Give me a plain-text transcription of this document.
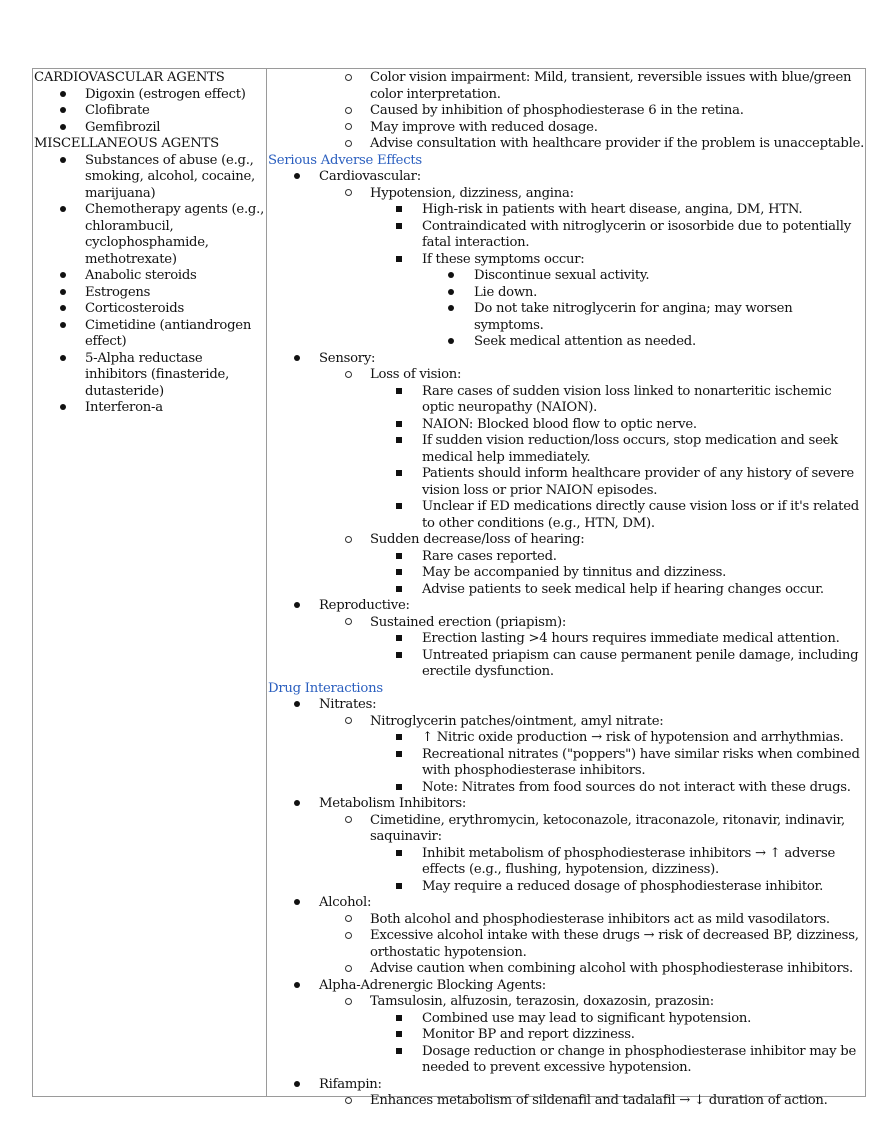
CARDIOVASCULAR AGENTS

Digoxin (estrogen effect)
Clofibrate
Gemfibrozil

MISCELLANEOUS AGENTS

Substances of abuse (e.g., smoking, alcohol, cocaine, marijuana)
Chemotherapy agents (e.g., chlorambucil, cyclophosphamide, methotrexate)
Anabolic steroids
Estrogens
Corticosteroids
Cimetidine (antiandrogen effect)
5-Alpha reductase inhibitors (finasteride, dutasteride)
Interferon-a
Color vision impairment: Mild, transient, reversible issues with blue/green color interpretation.
Caused by inhibition of phosphodiesterase 6 in the retina.
May improve with reduced dosage.
Advise consultation with healthcare provider if the problem is unacceptable.

Serious Adverse Effects

Cardiovascular:
Hypotension, dizziness, angina:
High-risk in patients with heart disease, angina, DM, HTN.
Contraindicated with nitroglycerin or isosorbide due to potentially fatal interaction.
If these symptoms occur:
Discontinue sexual activity.
Lie down.
Do not take nitroglycerin for angina; may worsen symptoms.
Seek medical attention as needed.
Sensory:
Loss of vision:
Rare cases of sudden vision loss linked to nonarteritic ischemic optic neuropathy (NAION).
NAION: Blocked blood flow to optic nerve.
If sudden vision reduction/loss occurs, stop medication and seek medical help immediately.
Patients should inform healthcare provider of any history of severe vision loss or prior NAION episodes.
Unclear if ED medications directly cause vision loss or if it's related to other conditions (e.g., HTN, DM).
Sudden decrease/loss of hearing:
Rare cases reported.
May be accompanied by tinnitus and dizziness.
Advise patients to seek medical help if hearing changes occur.
Reproductive:
Sustained erection (priapism):
Erection lasting >4 hours requires immediate medical attention.
Untreated priapism can cause permanent penile damage, including erectile dysfunction.

Drug Interactions

Nitrates:
Nitroglycerin patches/ointment, amyl nitrate:
↑ Nitric oxide production → risk of hypotension and arrhythmias.
Recreational nitrates ("poppers") have similar risks when combined with phosphodiesterase inhibitors.
Note: Nitrates from food sources do not interact with these drugs.
Metabolism Inhibitors:
Cimetidine, erythromycin, ketoconazole, itraconazole, ritonavir, indinavir, saquinavir:
Inhibit metabolism of phosphodiesterase inhibitors → ↑ adverse effects (e.g., flushing, hypotension, dizziness).
May require a reduced dosage of phosphodiesterase inhibitor.
Alcohol:
Both alcohol and phosphodiesterase inhibitors act as mild vasodilators.
Excessive alcohol intake with these drugs → risk of decreased BP, dizziness, orthostatic hypotension.
Advise caution when combining alcohol with phosphodiesterase inhibitors.
Alpha-Adrenergic Blocking Agents:
Tamsulosin, alfuzosin, terazosin, doxazosin, prazosin:
Combined use may lead to significant hypotension.
Monitor BP and report dizziness.
Dosage reduction or change in phosphodiesterase inhibitor may be needed to prevent excessive hypotension.
Rifampin:
Enhances metabolism of sildenafil and tadalafil → ↓ duration of action.
